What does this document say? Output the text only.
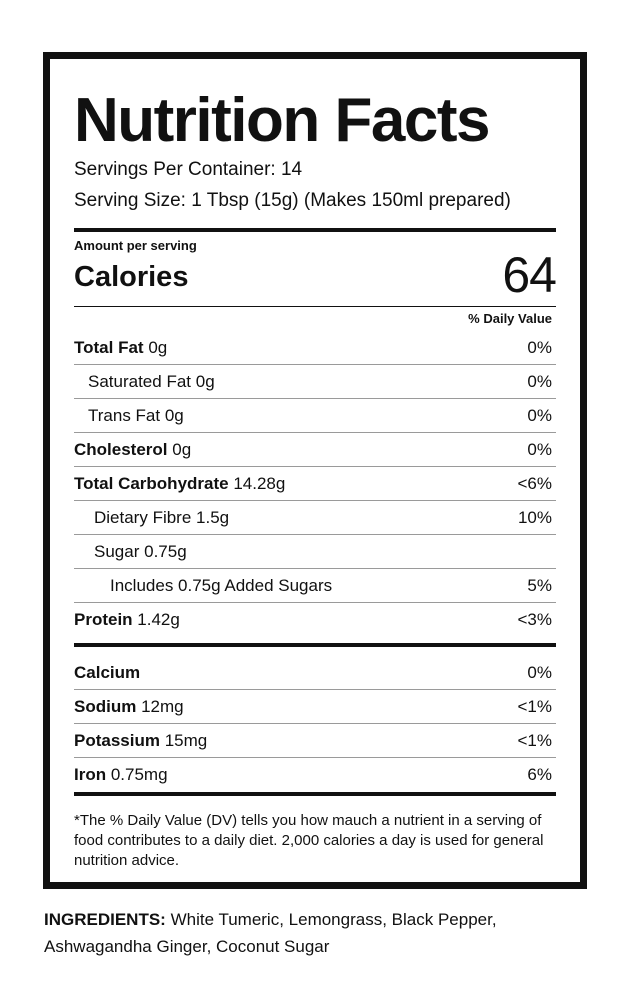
Nutrition Facts
Servings Per Container: 14
Serving Size: 1 Tbsp (15g) (Makes 150ml prepared)
Amount per serving
Calories	64
% Daily Value
Total Fat 0g	0%
Saturated Fat 0g	0%
Trans Fat 0g	0%
Cholesterol 0g	0%
Total Carbohydrate 14.28g	<6%
Dietary Fibre 1.5g	10%
Sugar 0.75g
Includes 0.75g Added Sugars	5%
Protein 1.42g	<3%
Calcium	0%
Sodium 12mg	<1%
Potassium 15mg	<1%
Iron 0.75mg	6%
*The % Daily Value (DV) tells you how mauch a nutrient in a serving of food contributes to a daily diet. 2,000 calories a day is used for general nutrition advice.
INGREDIENTS: White Tumeric, Lemongrass, Black Pepper, Ashwagandha Ginger, Coconut Sugar
